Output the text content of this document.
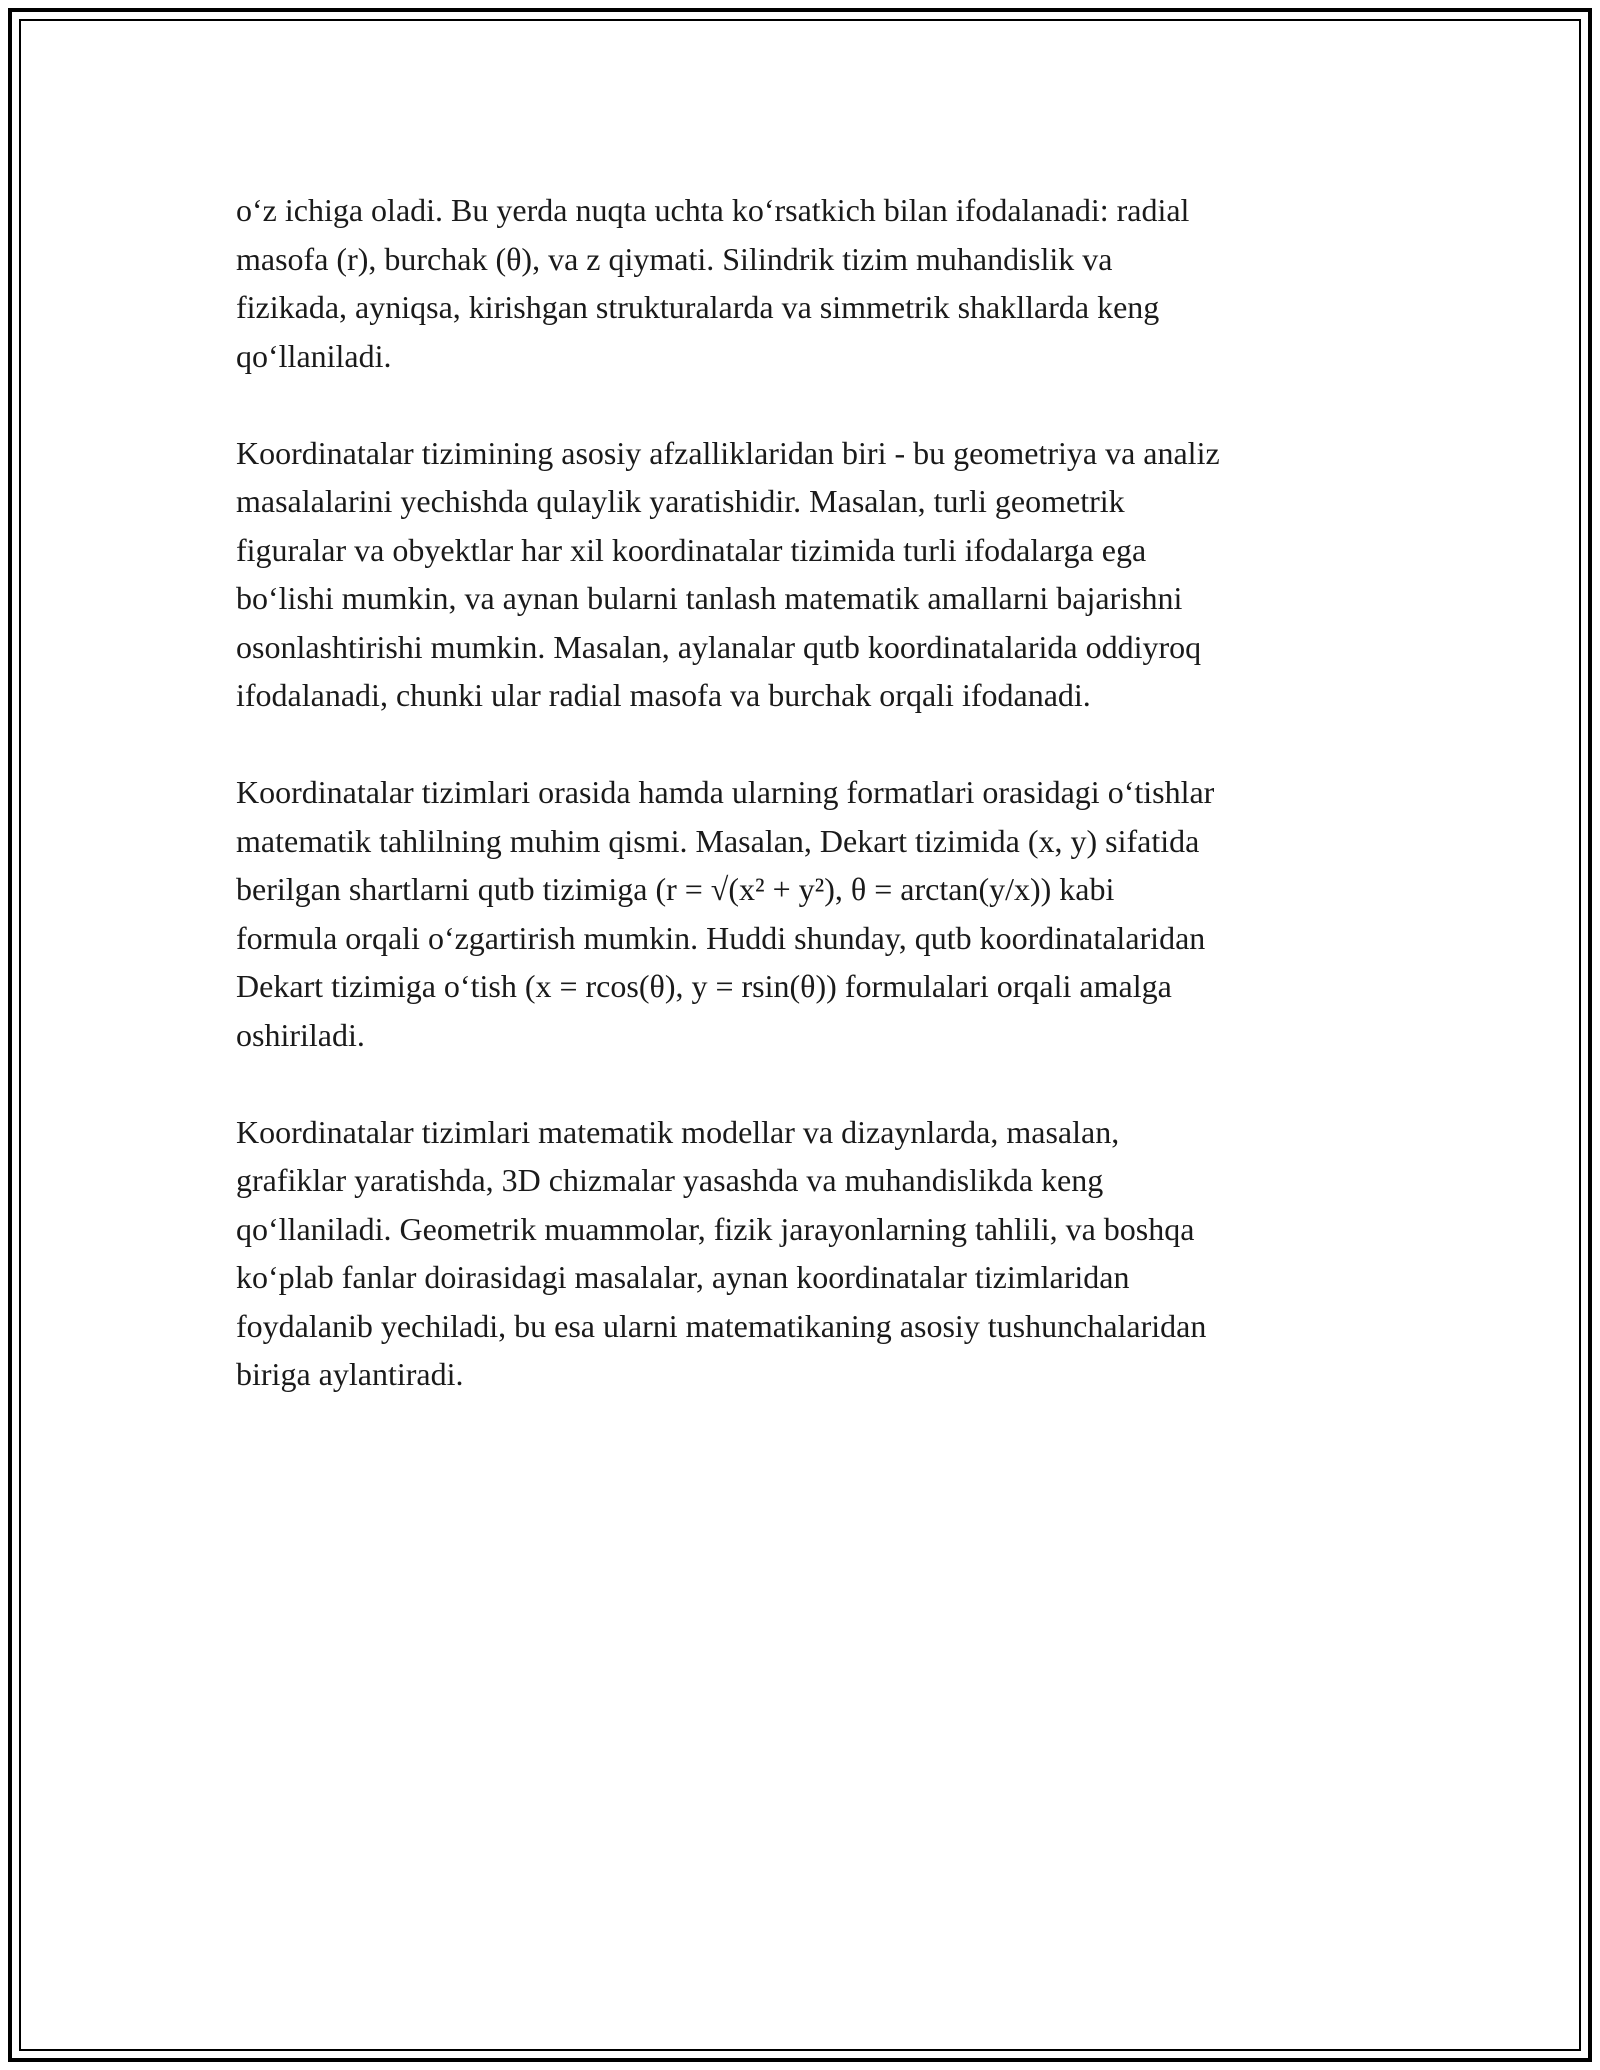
o‘z ichiga oladi. Bu yerda nuqta uchta ko‘rsatkich bilan ifodalanadi: radial
masofa (r), burchak (θ), va z qiymati. Silindrik tizim muhandislik va
fizikada, ayniqsa, kirishgan strukturalarda va simmetrik shakllarda keng
qo‘llaniladi.

Koordinatalar tizimining asosiy afzalliklaridan biri - bu geometriya va analiz
masalalarini yechishda qulaylik yaratishidir. Masalan, turli geometrik
figuralar va obyektlar har xil koordinatalar tizimida turli ifodalarga ega
bo‘lishi mumkin, va aynan bularni tanlash matematik amallarni bajarishni
osonlashtirishi mumkin. Masalan, aylanalar qutb koordinatalarida oddiyroq
ifodalanadi, chunki ular radial masofa va burchak orqali ifodanadi.

Koordinatalar tizimlari orasida hamda ularning formatlari orasidagi o‘tishlar
matematik tahlilning muhim qismi. Masalan, Dekart tizimida (x, y) sifatida
berilgan shartlarni qutb tizimiga (r = √(x² + y²), θ = arctan(y/x)) kabi
formula orqali o‘zgartirish mumkin. Huddi shunday, qutb koordinatalaridan
Dekart tizimiga o‘tish (x = rcos(θ), y = rsin(θ)) formulalari orqali amalga
oshiriladi.

Koordinatalar tizimlari matematik modellar va dizaynlarda, masalan,
grafiklar yaratishda, 3D chizmalar yasashda va muhandislikda keng
qo‘llaniladi. Geometrik muammolar, fizik jarayonlarning tahlili, va boshqa
ko‘plab fanlar doirasidagi masalalar, aynan koordinatalar tizimlaridan
foydalanib yechiladi, bu esa ularni matematikaning asosiy tushunchalaridan
biriga aylantiradi.
